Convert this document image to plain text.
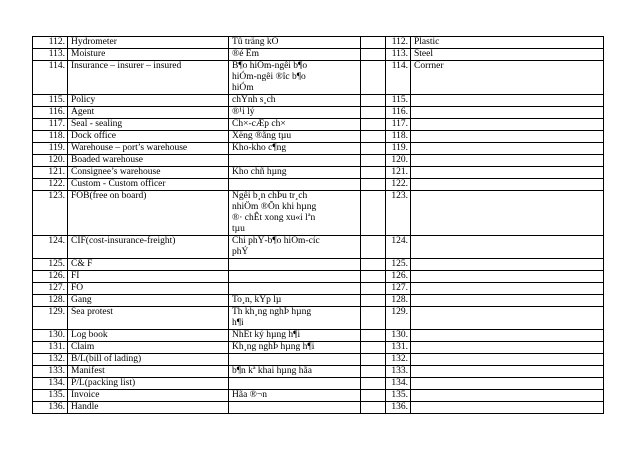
112.	Hydrometer	Tû träng kÕ		112.	Plastic
113.	Moisture	®é Èm		113.	Steel
114.	Insurance – insurer – insured	B¶o hiÓm-ngêi b¶o
hiÓm-ngêi ®îc b¶o
hiÓm		114.	Corrner
115.	Policy	chÝnh s¸ch		115.	
116.	Agent	®¹i lý		116.	
117.	Seal - sealing	Ch×-cÆp ch×		117.	
118.	Dock office	Xëng ®ãng tµu		118.	
119.	Warehouse – port’s warehouse	Kho-kho c¶ng		119.	
120.	Boaded warehouse			120.	
121.	Consignee’s warehouse	Kho chñ hµng		121.	
122.	Custom - Custom officer			122.	
123.	FOB(free on board)	Ngêi b¸n chÞu tr¸ch
nhiÖm ®Õn khi hµng
®· chÊt xong xu«i lªn
tµu		123.	
124.	CIF(cost-insurance-freight)	Chi phÝ-b¶o hiÓm-cíc
phÝ		124.	
125.	C& F			125.	
126.	FI			126.	
127.	FO			127.	
128.	Gang	To¸n, kÝp lµ		128.	
129.	Sea protest	Th kh¸ng nghÞ hµng
h¶i		129.	
130.	Log book	NhËt ký hµng h¶i		130.	
131.	Claim	Kh¸ng nghÞ hµng h¶i		131.	
132.	B/L(bill of lading)			132.	
133.	Manifest	b¶n kª khai hµng hãa		133.	
134.	P/L(packing list)			134.	
135.	Invoice	Hãa ®¬n		135.	
136.	Handle			136.	
